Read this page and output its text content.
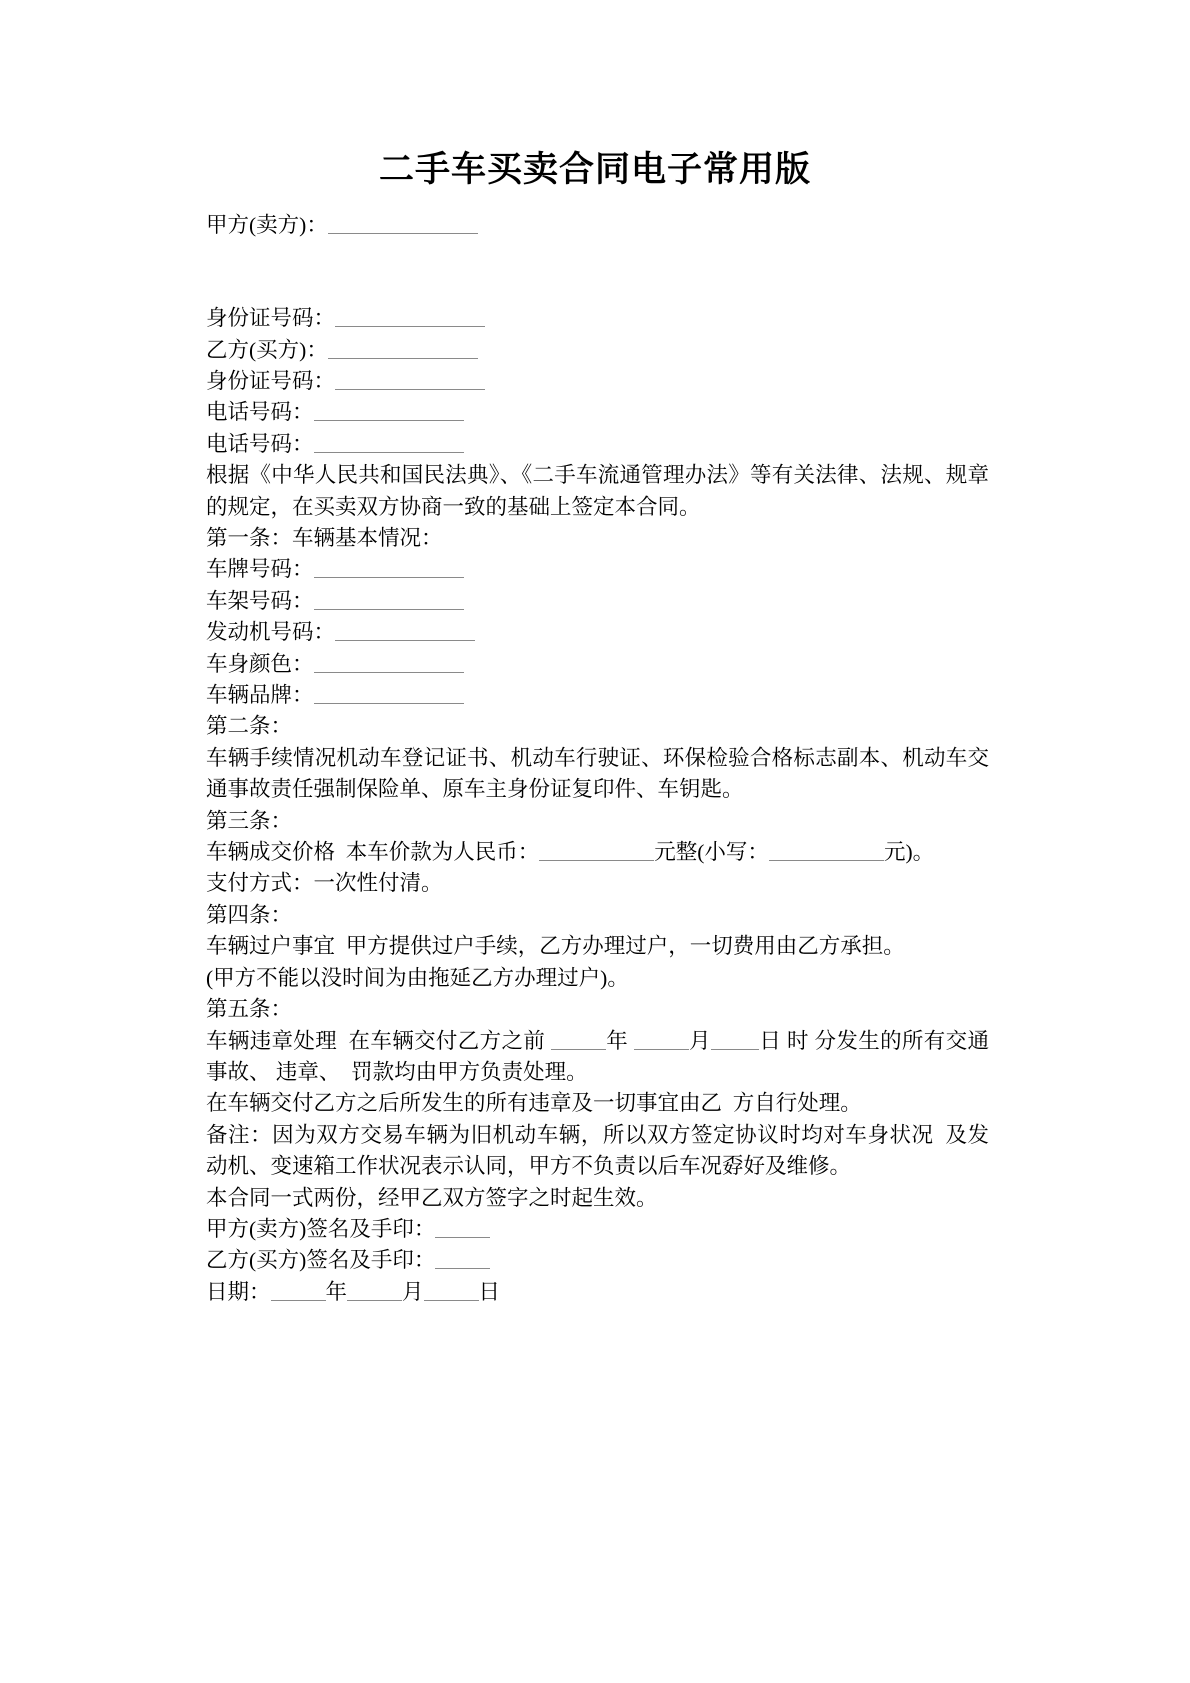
二手车买卖合同电子常用版

甲方(卖方)：

身份证号码：

乙方(买方)：

身份证号码：

电话号码：

电话号码：

根据《中华人民共和国民法典》、《二手车流通管理办法》等有关法律、法规、规章的规定，在买卖双方协商一致的基础上签定本合同。

第一条：车辆基本情况：

车牌号码：

车架号码：

发动机号码：

车身颜色：

车辆品牌：

第二条：

车辆手续情况机动车登记证书、机动车行驶证、环保检验合格标志副本、机动车交通事故责任强制保险单、原车主身份证复印件、车钥匙。

第三条：

车辆成交价格  本车价款为人民币：	元整(小写：	元)。

支付方式：一次性付清。

第四条：

车辆过户事宜  甲方提供过户手续，乙方办理过户，一切费用由乙方承担。

(甲方不能以没时间为由拖延乙方办理过户)。

第五条：

车辆违章处理  在车辆交付乙方之前	年	月 日 时 分发生的所有交通事故、 违章、  罚款均由甲方负责处理。

在车辆交付乙方之后所发生的所有违章及一切事宜由乙  方自行处理。

备注：因为双方交易车辆为旧机动车辆，所以双方签定协议时均对车身状况  及发动机、变速箱工作状况表示认同，甲方不负责以后车况孬好及维修。

本合同一式两份，经甲乙双方签字之时起生效。

甲方(卖方)签名及手印：

乙方(买方)签名及手印：

日期：	年	月	日
